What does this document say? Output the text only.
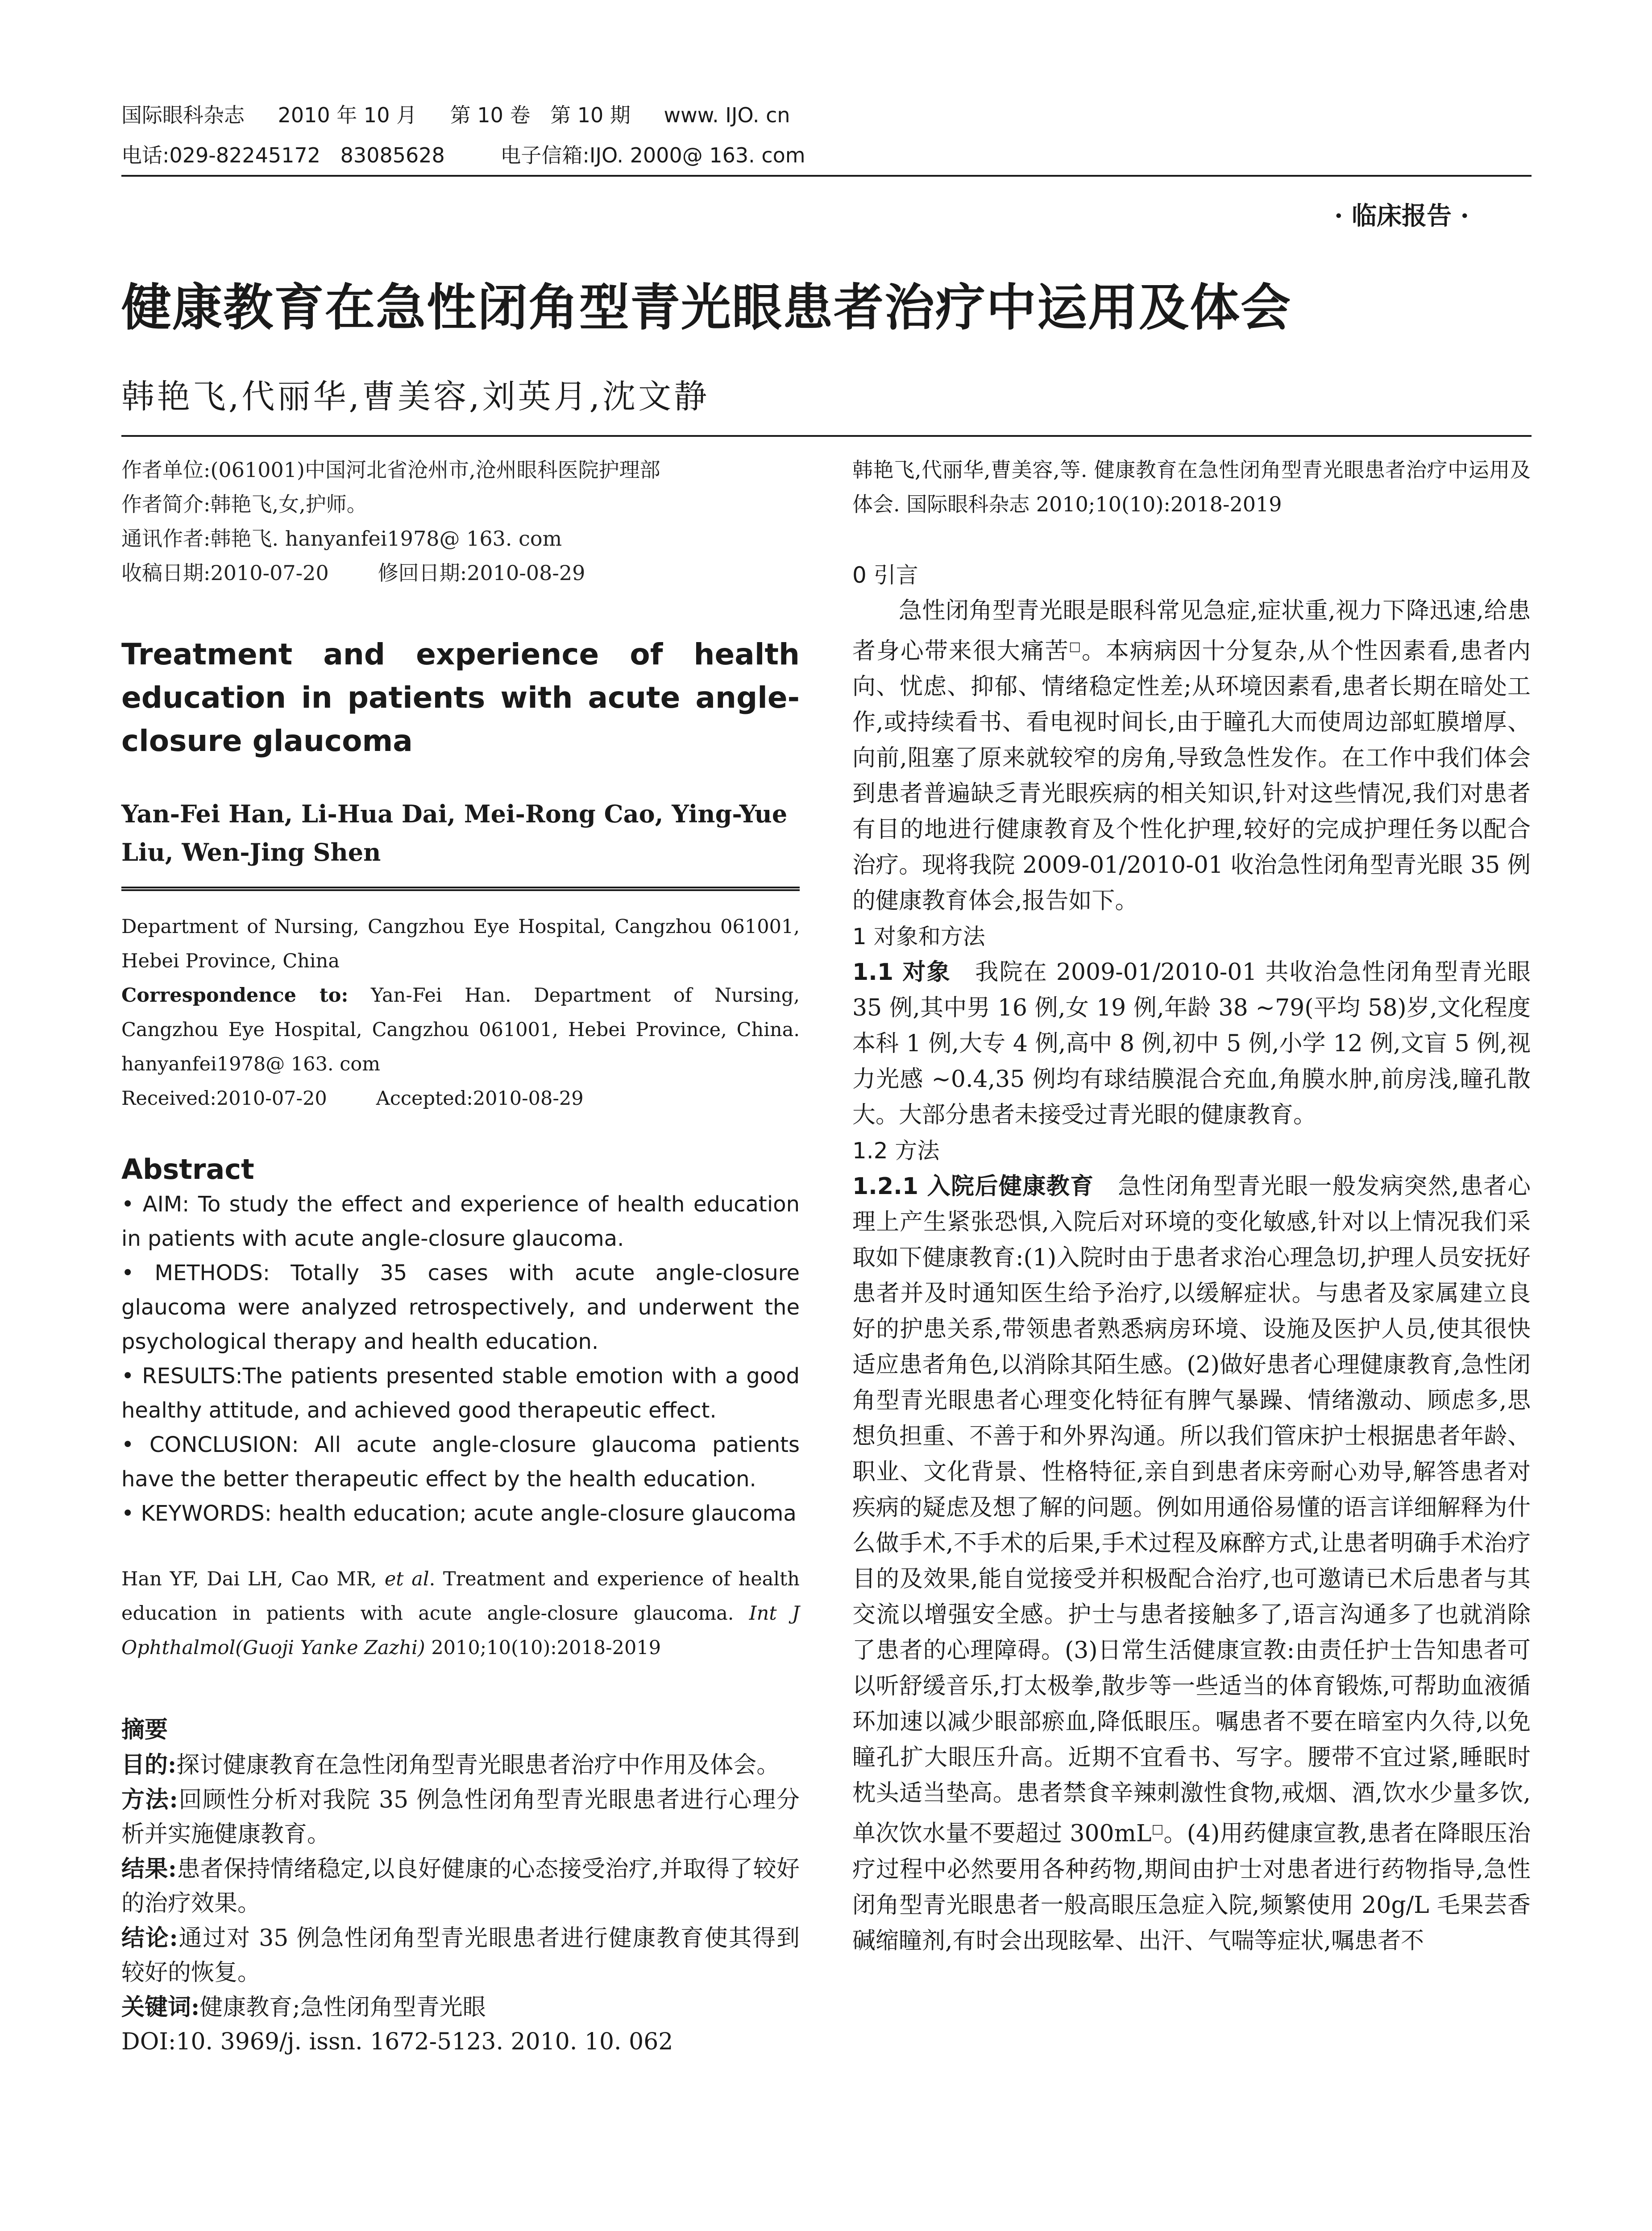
国际眼科杂志 2010 年 10 月 第 10 卷 第 10 期 www. IJO. cn
电话:029-82245172 83085628	电子信箱:IJO. 2000@ 163. com
· 临床报告 ·
健康教育在急性闭角型青光眼患者治疗中运用及体会
韩艳飞,代丽华,曹美容,刘英月,沈文静
作者单位:(061001)中国河北省沧州市,沧州眼科医院护理部
作者简介:韩艳飞,女,护师。
通讯作者:韩艳飞. hanyanfei1978@ 163. com
收稿日期:2010-07-20 修回日期:2010-08-29
Treatment and experience of health education in patients with acute angle-closure glaucoma
Yan-Fei Han, Li-Hua Dai, Mei-Rong Cao, Ying-Yue Liu, Wen-Jing Shen

Department of Nursing, Cangzhou Eye Hospital, Cangzhou 061001, Hebei Province, China

Correspondence to: Yan-Fei Han. Department of Nursing, Cangzhou Eye Hospital, Cangzhou 061001, Hebei Province, China. hanyanfei1978@ 163. com

Received:2010-07-20	Accepted:2010-08-29

Abstract

• AIM: To study the effect and experience of health education in patients with acute angle-closure glaucoma.

• METHODS: Totally 35 cases with acute angle-closure glaucoma were analyzed retrospectively, and underwent the psychological therapy and health education.

• RESULTS:The patients presented stable emotion with a good healthy attitude, and achieved good therapeutic effect.

• CONCLUSION: All acute angle-closure glaucoma patients have the better therapeutic effect by the health education.

• KEYWORDS: health education; acute angle-closure glaucoma

Han YF, Dai LH, Cao MR, et al. Treatment and experience of health education in patients with acute angle-closure glaucoma. Int J Ophthalmol(Guoji Yanke Zazhi) 2010;10(10):2018-2019
摘要

目的:探讨健康教育在急性闭角型青光眼患者治疗中作用及体会。

方法:回顾性分析对我院 35 例急性闭角型青光眼患者进行心理分析并实施健康教育。

结果:患者保持情绪稳定,以良好健康的心态接受治疗,并取得了较好的治疗效果。

结论:通过对 35 例急性闭角型青光眼患者进行健康教育使其得到较好的恢复。

关键词:健康教育;急性闭角型青光眼

DOI:10. 3969/j. issn. 1672-5123. 2010. 10. 062

韩艳飞,代丽华,曹美容,等. 健康教育在急性闭角型青光眼患者治疗中运用及体会. 国际眼科杂志 2010;10(10):2018-2019

0 引言

急性闭角型青光眼是眼科常见急症,症状重,视力下降迅速,给患者身心带来很大痛苦□。本病病因十分复杂,从个性因素看,患者内向、忧虑、抑郁、情绪稳定性差;从环境因素看,患者长期在暗处工作,或持续看书、看电视时间长,由于瞳孔大而使周边部虹膜增厚、向前,阻塞了原来就较窄的房角,导致急性发作。在工作中我们体会到患者普遍缺乏青光眼疾病的相关知识,针对这些情况,我们对患者有目的地进行健康教育及个性化护理,较好的完成护理任务以配合治疗。现将我院 2009-01/2010-01 收治急性闭角型青光眼 35 例的健康教育体会,报告如下。

1 对象和方法

1.1 对象  我院在 2009-01/2010-01 共收治急性闭角型青光眼 35 例,其中男 16 例,女 19 例,年龄 38 ~79(平均 58)岁,文化程度本科 1 例,大专 4 例,高中 8 例,初中 5 例,小学 12 例,文盲 5 例,视力光感 ~0.4,35 例均有球结膜混合充血,角膜水肿,前房浅,瞳孔散大。大部分患者未接受过青光眼的健康教育。

1.2 方法

1.2.1 入院后健康教育  急性闭角型青光眼一般发病突然,患者心理上产生紧张恐惧,入院后对环境的变化敏感,针对以上情况我们采取如下健康教育:(1)入院时由于患者求治心理急切,护理人员安抚好患者并及时通知医生给予治疗,以缓解症状。与患者及家属建立良好的护患关系,带领患者熟悉病房环境、设施及医护人员,使其很快适应患者角色,以消除其陌生感。(2)做好患者心理健康教育,急性闭角型青光眼患者心理变化特征有脾气暴躁、情绪激动、顾虑多,思想负担重、不善于和外界沟通。所以我们管床护士根据患者年龄、职业、文化背景、性格特征,亲自到患者床旁耐心劝导,解答患者对疾病的疑虑及想了解的问题。例如用通俗易懂的语言详细解释为什么做手术,不手术的后果,手术过程及麻醉方式,让患者明确手术治疗目的及效果,能自觉接受并积极配合治疗,也可邀请已术后患者与其交流以增强安全感。护士与患者接触多了,语言沟通多了也就消除了患者的心理障碍。(3)日常生活健康宣教:由责任护士告知患者可以听舒缓音乐,打太极拳,散步等一些适当的体育锻炼,可帮助血液循环加速以减少眼部瘀血,降低眼压。嘱患者不要在暗室内久待,以免瞳孔扩大眼压升高。近期不宜看书、写字。腰带不宜过紧,睡眠时枕头适当垫高。患者禁食辛辣刺激性食物,戒烟、酒,饮水少量多饮,单次饮水量不要超过 300mL□。(4)用药健康宣教,患者在降眼压治疗过程中必然要用各种药物,期间由护士对患者进行药物指导,急性闭角型青光眼患者一般高眼压急症入院,频繁使用 20g/L 毛果芸香碱缩瞳剂,有时会出现眩晕、出汗、气喘等症状,嘱患者不
